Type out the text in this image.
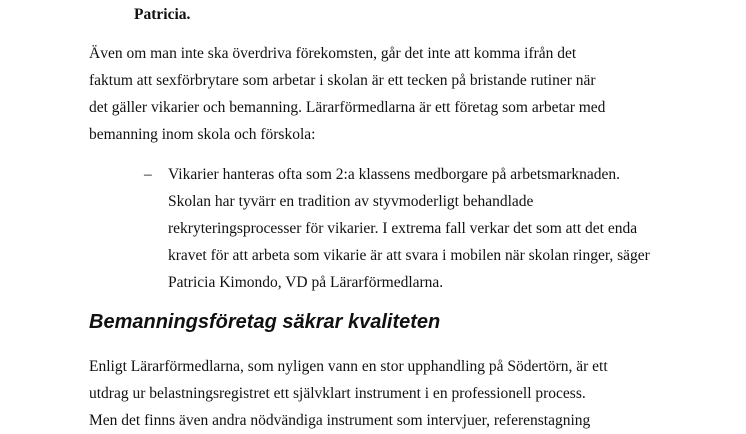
Patricia.

Även om man inte ska överdriva förekomsten, går det inte att komma ifrån det
faktum att sexförbrytare som arbetar i skolan är ett tecken på bristande rutiner när
det gäller vikarier och bemanning. Lärarförmedlarna är ett företag som arbetar med
bemanning inom skola och förskola:

– Vikarier hanteras ofta som 2:a klassens medborgare på arbetsmarknaden.
Skolan har tyvärr en tradition av styvmoderligt behandlade
rekryteringsprocesser för vikarier. I extrema fall verkar det som att det enda
kravet för att arbeta som vikarie är att svara i mobilen när skolan ringer, säger
Patricia Kimondo, VD på Lärarförmedlarna.
Bemanningsföretag säkrar kvaliteten

Enligt Lärarförmedlarna, som nyligen vann en stor upphandling på Södertörn, är ett
utdrag ur belastningsregistret ett självklart instrument i en professionell process.
Men det finns även andra nödvändiga instrument som intervjuer, referenstagning
